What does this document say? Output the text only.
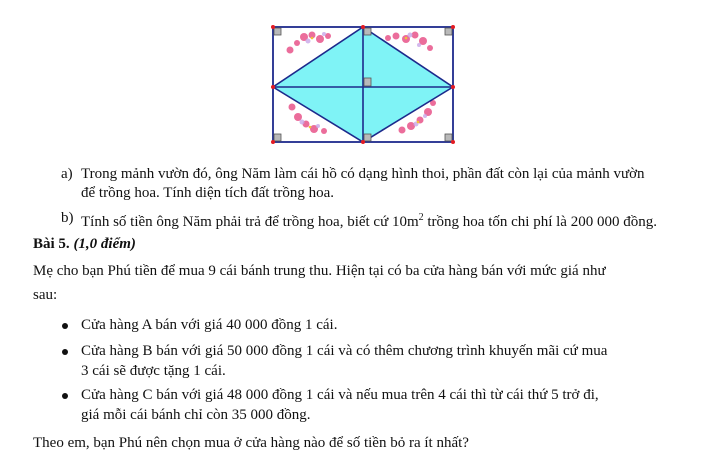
a) Trong mảnh vườn đó, ông Năm làm cái hồ có dạng hình thoi, phần đất còn lại của mảnh vườn
để trồng hoa. Tính diện tích đất trồng hoa.
b) Tính số tiền ông Năm phải trả để trồng hoa, biết cứ $10m^2$ trồng hoa tốn chi phí là 200 000 đồng.
Bài 5. (1,0 điểm)
Mẹ cho bạn Phú tiền để mua 9 cái bánh trung thu. Hiện tại có ba cửa hàng bán với mức giá như
sau:
Cửa hàng A bán với giá 40 000 đồng 1 cái.
Cửa hàng B bán với giá 50 000 đồng 1 cái và có thêm chương trình khuyến mãi cứ mua
3 cái sẽ được tặng 1 cái.
Cửa hàng C bán với giá 48 000 đồng 1 cái và nếu mua trên 4 cái thì từ cái thứ 5 trở đi,
giá mỗi cái bánh chỉ còn 35 000 đồng.
Theo em, bạn Phú nên chọn mua ở cửa hàng nào để số tiền bỏ ra ít nhất?
